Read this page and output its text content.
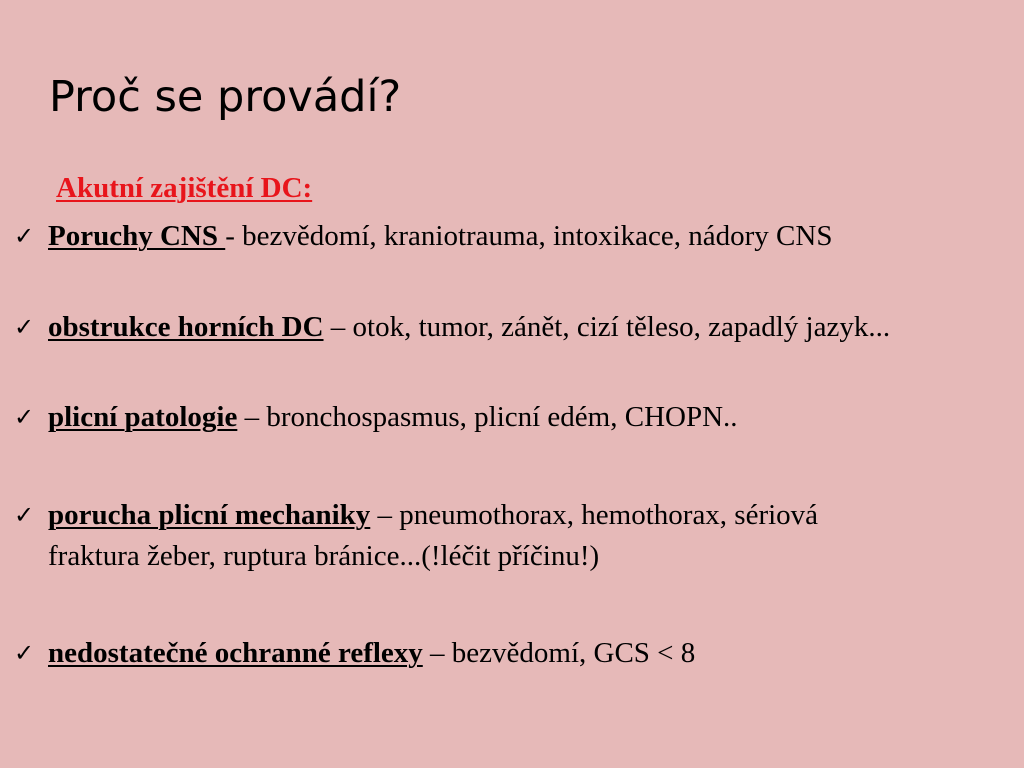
Proč se provádí?
Akutní zajištění DC:
✓ Poruchy CNS - bezvědomí, kraniotrauma, intoxikace, nádory CNS
✓ obstrukce horních DC – otok, tumor, zánět, cizí těleso, zapadlý jazyk...
✓ plicní patologie – bronchospasmus, plicní edém, CHOPN..
✓ porucha plicní mechaniky – pneumothorax, hemothorax, sériová fraktura žeber, ruptura bránice...(!léčit příčinu!)
✓ nedostatečné ochranné reflexy – bezvědomí, GCS < 8
